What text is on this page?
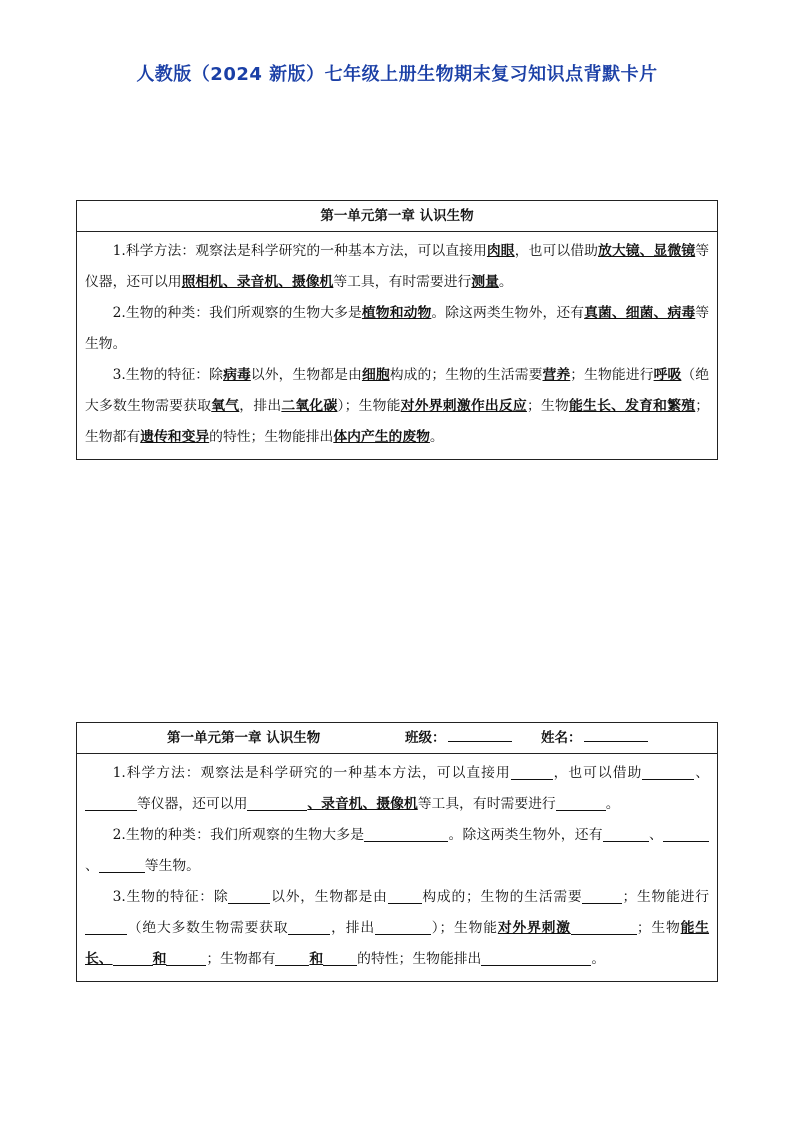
人教版（2024 新版）七年级上册生物期末复习知识点背默卡片
第一单元第一章 认识生物

1.科学方法：观察法是科学研究的一种基本方法，可以直接用肉眼，也可以借助放大镜、显微镜等仪器，还可以用照相机、录音机、摄像机等工具，有时需要进行测量。

2.生物的种类：我们所观察的生物大多是植物和动物。除这两类生物外，还有真菌、细菌、病毒等生物。

3.生物的特征：除病毒以外，生物都是由细胞构成的；生物的生活需要营养；生物能进行呼吸（绝大多数生物需要获取氧气，排出二氧化碳）；生物能对外界刺激作出反应；生物能生长、发育和繁殖；生物都有遗传和变异的特性；生物能排出体内产生的废物。

第一单元第一章 认识生物	班级：	姓名：

1.科学方法：观察法是科学研究的一种基本方法，可以直接用	，也可以借助	、等仪器，还可以用	、录音机、摄像机等工具，有时需要进行	。

2.生物的种类：我们所观察的生物大多是	。除这两类生物外，还有	、、	等生物。

3.生物的特征：除	以外，生物都是由 构成的；生物的生活需要	；生物能进行（绝大多数生物需要获取	，排出	）；生物能对外界刺激	；生物能生长、	和	；生物都有 和 的特性；生物能排出	。
